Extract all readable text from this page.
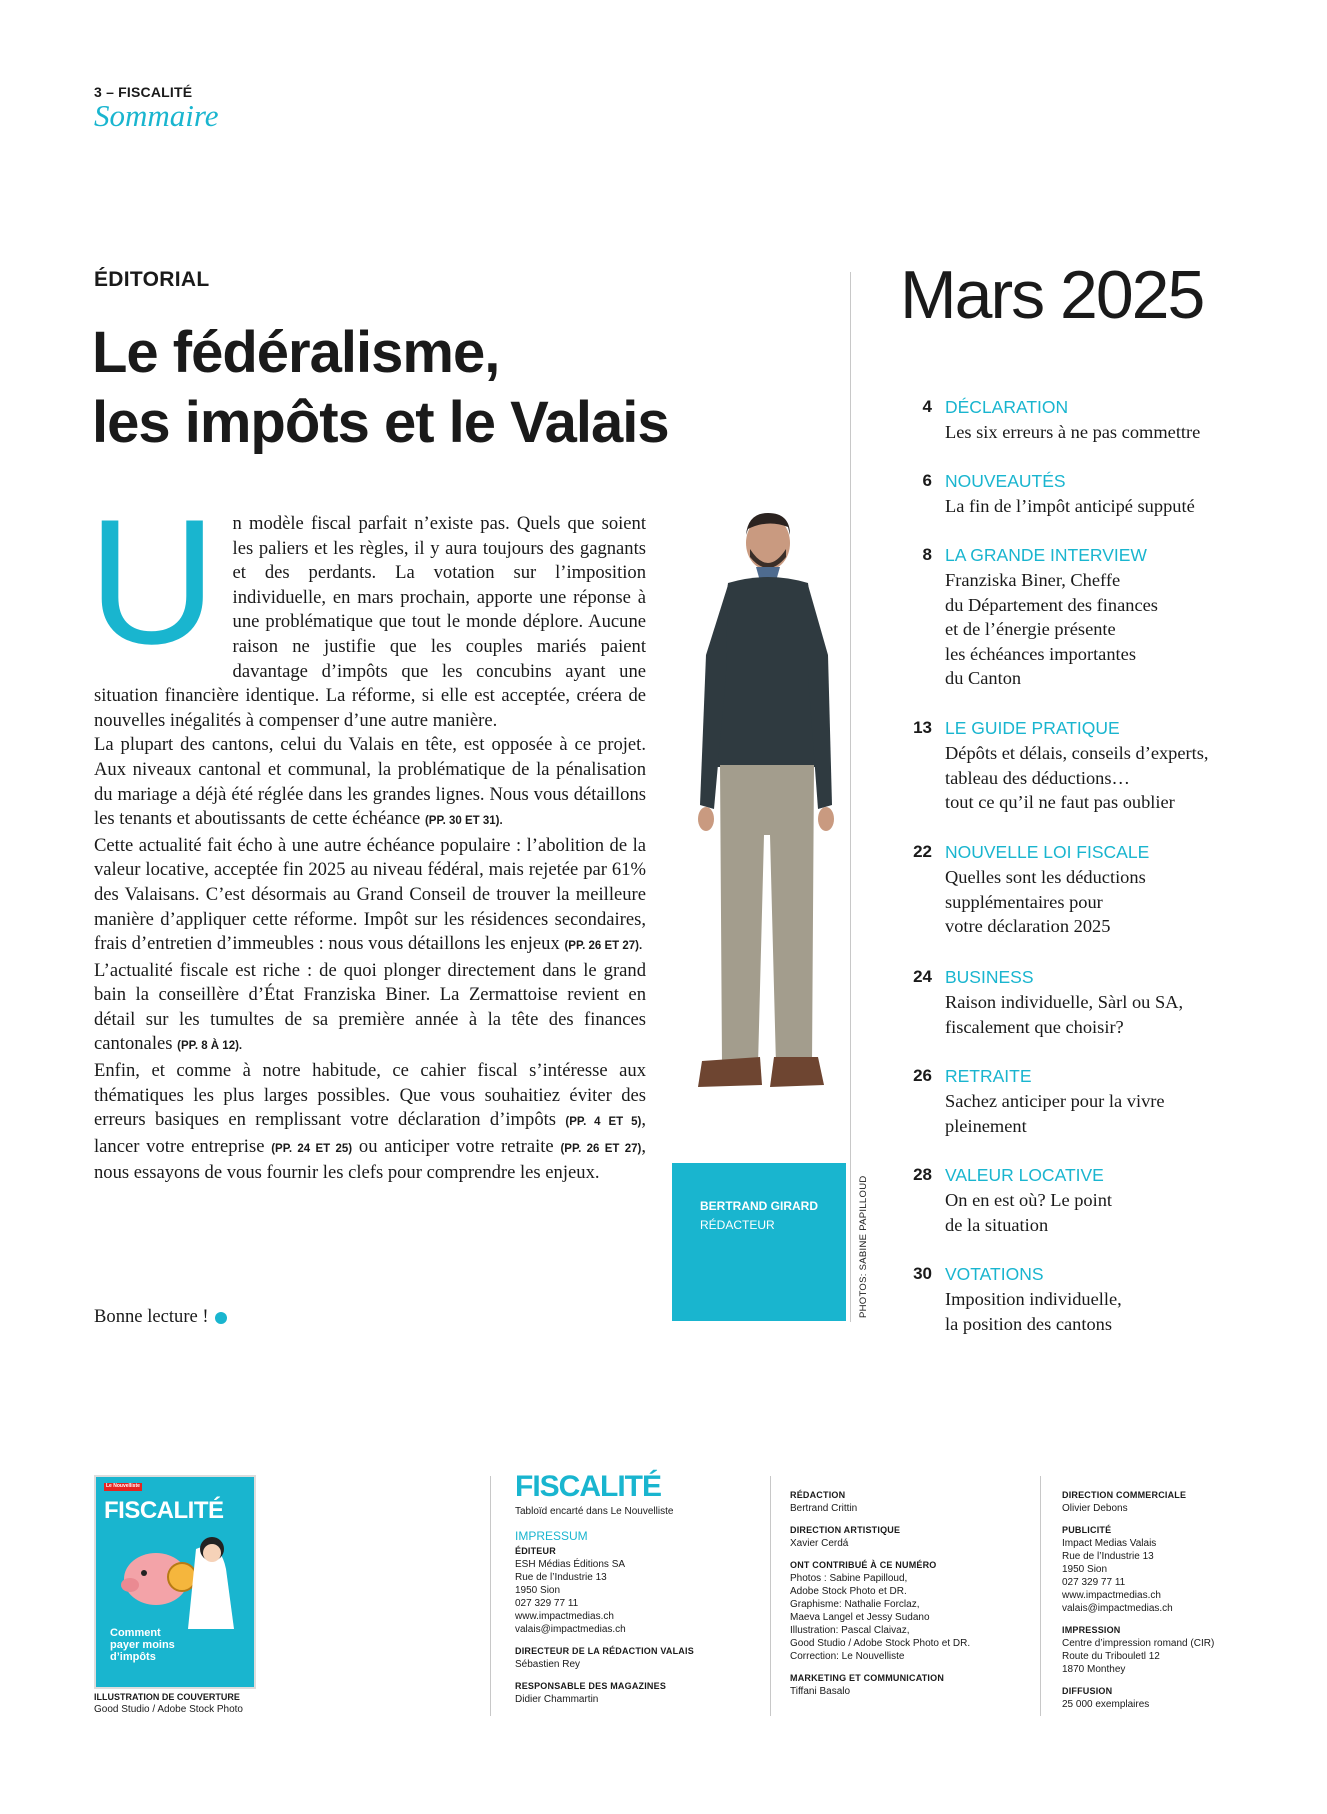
3 – FISCALITÉ
Sommaire
ÉDITORIAL
Le fédéralisme,
les impôts et le Valais

Un modèle fiscal parfait n’existe pas. Quels que soient les paliers et les règles, il y aura toujours des gagnants et des perdants. La votation sur l’imposition individuelle, en mars prochain, apporte une réponse à une problématique que tout le monde déplore. Aucune raison ne justifie que les couples mariés paient davantage d’impôts que les concubins ayant une situation financière identique. La réforme, si elle est acceptée, créera de nouvelles inégalités à compenser d’une autre manière.

La plupart des cantons, celui du Valais en tête, est opposée à ce projet. Aux niveaux cantonal et communal, la problématique de la pénalisation du mariage a déjà été réglée dans les grandes lignes. Nous vous détaillons les tenants et aboutissants de cette échéance (PP. 30 ET 31).

Cette actualité fait écho à une autre échéance populaire : l’abolition de la valeur locative, acceptée fin 2025 au niveau fédéral, mais rejetée par 61% des Valaisans. C’est désormais au Grand Conseil de trouver la meilleure manière d’appliquer cette réforme. Impôt sur les résidences secondaires, frais d’entretien d’immeubles : nous vous détaillons les enjeux (PP. 26 ET 27).

L’actualité fiscale est riche : de quoi plonger directement dans le grand bain la conseillère d’État Franziska Biner. La Zermattoise revient en détail sur les tumultes de sa première année à la tête des finances cantonales (PP. 8 À 12).

Enfin, et comme à notre habitude, ce cahier fiscal s’intéresse aux thématiques les plus larges possibles. Que vous souhaitiez éviter des erreurs basiques en remplissant votre déclaration d’impôts (PP. 4 ET 5), lancer votre entreprise (PP. 24 ET 25) ou anticiper votre retraite (PP. 26 ET 27), nous essayons de vous fournir les clefs pour comprendre les enjeux.

Bonne lecture !
BERTRAND GIRARD
RÉDACTEUR	PHOTOS: SABINE PAPILLOUD
Mars 2025
4 DÉCLARATION
Les six erreurs à ne pas commettre
6 NOUVEAUTÉS
La fin de l’impôt anticipé supputé
8 LA GRANDE INTERVIEW
Franziska Biner, Cheffe
du Département des finances
et de l’énergie présente
les échéances importantes
du Canton
13 LE GUIDE PRATIQUE
Dépôts et délais, conseils d’experts,
tableau des déductions…
tout ce qu’il ne faut pas oublier
22 NOUVELLE LOI FISCALE
Quelles sont les déductions
supplémentaires pour
votre déclaration 2025
24 BUSINESS
Raison individuelle, Sàrl ou SA,
fiscalement que choisir?
26 RETRAITE
Sachez anticiper pour la vivre
pleinement
28 VALEUR LOCATIVE
On en est où? Le point
de la situation
30 VOTATIONS
Imposition individuelle,
la position des cantons
Le Nouvelliste
FISCALITÉ
Comment payer moins d’impôts
ILLUSTRATION DE COUVERTURE
Good Studio / Adobe Stock Photo
FISCALITÉ
Tabloïd encarté dans Le Nouvelliste
IMPRESSUM
ÉDITEUR
ESH Médias Éditions SA
Rue de l’Industrie 13
1950 Sion
027 329 77 11
www.impactmedias.ch
valais@impactmedias.ch
DIRECTEUR DE LA RÉDACTION VALAIS
Sébastien Rey
RESPONSABLE DES MAGAZINES
Didier Chammartin
RÉDACTION
Bertrand Crittin
DIRECTION ARTISTIQUE
Xavier Cerdá
ONT CONTRIBUÉ À CE NUMÉRO
Photos : Sabine Papilloud,
Adobe Stock Photo et DR.
Graphisme: Nathalie Forclaz,
Maeva Langel et Jessy Sudano
Illustration: Pascal Claivaz,
Good Studio / Adobe Stock Photo et DR.
Correction: Le Nouvelliste
MARKETING ET COMMUNICATION
Tiffani Basalo
DIRECTION COMMERCIALE
Olivier Debons
PUBLICITÉ
Impact Medias Valais
Rue de l’Industrie 13
1950 Sion
027 329 77 11
www.impactmedias.ch
valais@impactmedias.ch
IMPRESSION
Centre d’impression romand (CIR)
Route du Tribouletl 12
1870 Monthey
DIFFUSION
25 000 exemplaires
